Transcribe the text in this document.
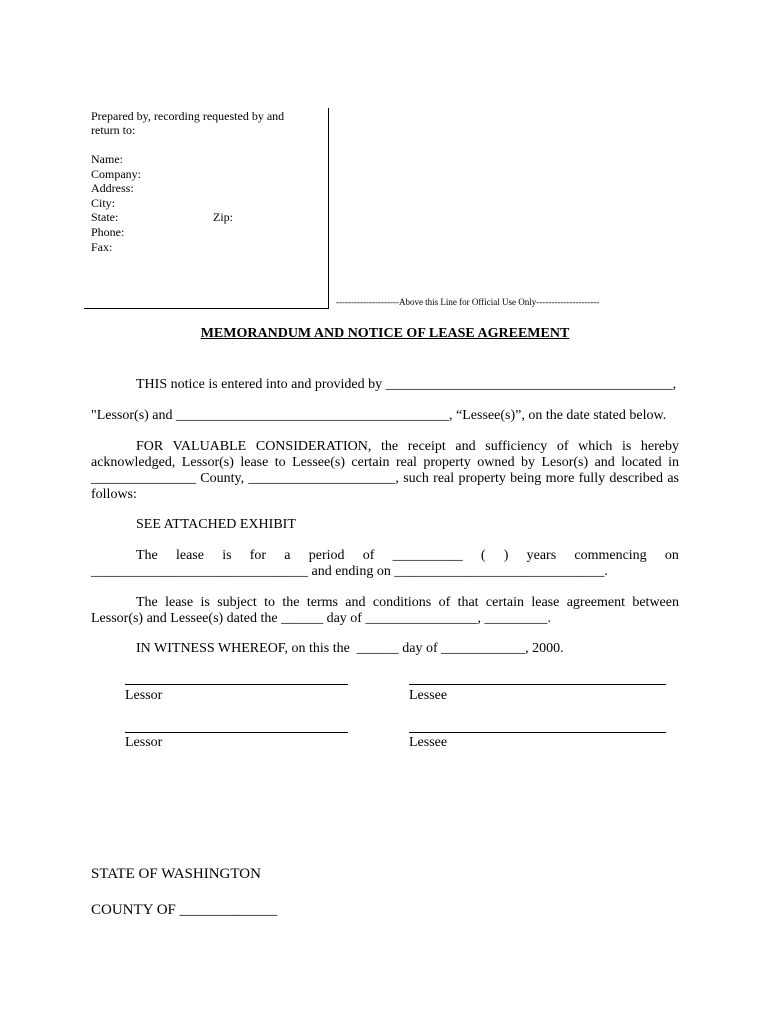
Prepared by, recording requested by and
return to:
Name:
Company:
Address:
City:
State:	Zip:
Phone:
Fax:
---------------------Above this Line for Official Use Only---------------------
MEMORANDUM AND NOTICE OF LEASE AGREEMENT
THIS notice is entered into and provided by _________________________________________,
"Lessor(s) and _______________________________________, “Lessee(s)”, on the date stated below.
FOR VALUABLE CONSIDERATION, the receipt and sufficiency of which is hereby acknowledged, Lessor(s) lease to Lessee(s) certain real property owned by Lesor(s) and located in _______________ County, _____________________, such real property being more fully described as follows:
SEE ATTACHED EXHIBIT
The lease is for a period of __________ ( ) years commencing on
_______________________________ and ending on ______________________________.
The lease is subject to the terms and conditions of that certain lease agreement between Lessor(s) and Lessee(s) dated the ______ day of ________________, _________.
IN WITNESS WHEREOF, on this the  ______ day of ____________, 2000.
Lessor	Lessee
Lessor	Lessee
STATE OF WASHINGTON
COUNTY OF _____________
